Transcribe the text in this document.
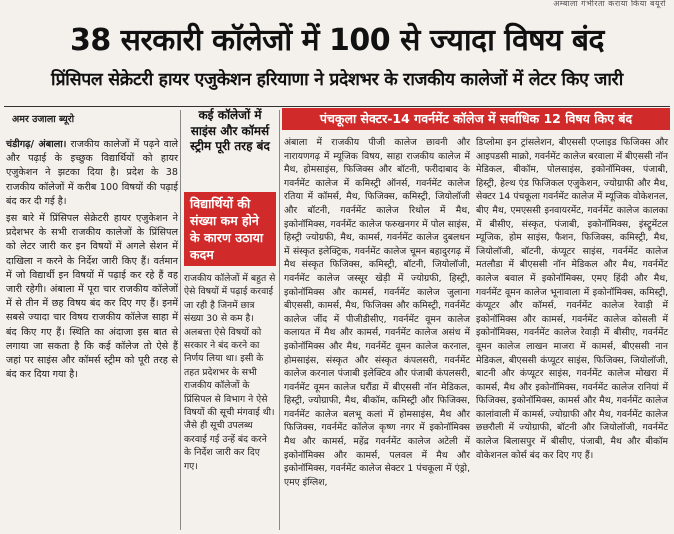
अम्बाला गंभीरता कराया किया बयूरो
38 सरकारी कॉलेजों में 100 से ज्यादा विषय बंद
प्रिंसिपल सेक्रेटरी हायर एजुकेशन हरियाणा ने प्रदेशभर के राजकीय कालेजों में लेटर किए जारी
अमर उजाला ब्यूरो

चंडीगढ़/ अंबाला। राजकीय कालेजों में पढ़ने वाले और पढ़ाई के इच्छुक विद्यार्थियों को हायर एजुकेशन ने झटका दिया है। प्रदेश के 38 राजकीय कॉलेजों में करीब 100 विषयों की पढ़ाई बंद कर दी गई है।

इस बारे में प्रिंसिपल सेक्रेटरी हायर एजुकेशन ने प्रदेशभर के सभी राजकीय कालेजों के प्रिंसिपल को लेटर जारी कर इन विषयों में अगले सेशन में दाखिला न करने के निर्देश जारी किए हैं। वर्तमान में जो विद्यार्थी इन विषयों में पढ़ाई कर रहे हैं वह जारी रहेगी। अंबाला में पूरा चार राजकीय कॉलेजों में से तीन में छह विषय बंद कर दिए गए हैं। इनमें सबसे ज्यादा चार विषय राजकीय कॉलेज साहा में बंद किए गए हैं। स्थिति का अंदाजा इस बात से लगाया जा सकता है कि कई कॉलेज तो ऐसे हैं जहां पर साइंस और कॉमर्स स्ट्रीम को पूरी तरह से बंद कर दिया गया है।

कई कॉलेजों में साइंस और कॉमर्स स्ट्रीम पूरी तरह बंद
विद्यार्थियों की संख्या कम होने के कारण उठाया कदम
राजकीय कॉलेजों में बहुत से ऐसे विषयों में पढ़ाई करवाई जा रही है जिनमें छात्र संख्या 30 से कम है। अलबत्ता ऐसे विषयों को सरकार ने बंद करने का निर्णय लिया था। इसी के तहत प्रदेशभर के सभी राजकीय कॉलेजों के प्रिंसिपल से विभाग ने ऐसे विषयों की सूची मंगवाई थी। जैसे ही सूची उपलब्ध करवाई गई उन्हें बंद करने के निर्देश जारी कर दिए गए।
पंचकूला सेक्टर-14 गवर्नमेंट कॉलेज में सर्वाधिक 12 विषय किए बंद
अंबाला में राजकीय पीजी कालेज छावनी और नारायणगढ़ में म्यूजिक विषय, साहा राजकीय कालेज में मैथ, होमसाइंस, फिजिक्स और बॉटनी, फरीदाबाद के गवर्नमेंट कालेज में कमिस्ट्री ऑनर्स, गवर्नमेंट कालेज रतिया में कॉमर्स, मैथ, फिजिक्स, कमिस्ट्री, जियोलॉजी और बॉटनी, गवर्नमेंट कालेज रिथोल में मैथ, इकोनॉमिक्स, गवर्नमेंट कालेज फरुखनगर में पोल साइंस, हिस्ट्री ज्योग्रफी, मैथ, कामर्स, गवर्नमेंट कालेज दुबलधन में संस्कृत इलेक्ट्रिक, गवर्नमेंट कालेज चूमन बहादुरगढ़ में मैथ संस्कृत फिजिक्स, कमिस्ट्री, बॉटनी, जियोलॉजी, गवर्नमेंट कालेज जस्सूर खेड़ी में ज्योग्रफी, हिस्ट्री, इकोनॉमिक्स और कामर्स, गवर्नमेंट कालेज जुलाना बीएससी, कामर्स, मैथ, फिजिक्स और कमिस्ट्री, गवर्नमेंट कालेज जींद में पीजीडीसीए, गवर्नमेंट वूमन कालेज कलायत में मैथ और कामर्स, गवर्नमेंट कालेज असंध में इकोनॉमिक्स और मैथ, गवर्नमेंट वूमन कालेज करनाल, होमसाइंस, संस्कृत और संस्कृत कंपलसरी, गवर्नमेंट कालेज करनाल पंजाबी इलेक्टिव और पंजाबी कंपलसरी, गवर्नमेंट वूमन कालेज घरौंडा में बीएससी नॉन मेडिकल, हिस्ट्री, ज्योग्राफी, मैथ, बीकॉम, कमिस्ट्री और फिजिक्स, गवर्नमेंट कालेज बलभू कलां में होमसाइंस, मैथ और फिजिक्स, गवर्नमेंट कॉलेज कृष्ण नगर में इकोनॉमिक्स मैथ और कामर्स, महेंद्र गवर्नमेंट कालेज अटेली में इकोनॉमिक्स और कामर्स, पलवल में मैथ और इकोनॉमिक्स, गवर्नमेंट कालेज सेक्टर 1 पंचकूला में एंड्रो, एमए इंग्लिश,
डिप्लोमा इन ट्रांसलेशन, बीएससी एप्लाइड फिजिक्स और आइपडसी माक्रो, गवर्नमेंट कालेज बरवाला में बीएससी नॉन मेडिकल, बीकॉम, पोलसाइंस, इकोनॉमिक्स, पंजाबी, हिस्ट्री, हेल्थ एंड फिजिकल एजुकेशन, ज्योग्राफी और मैथ, सेक्टर 14 पंचकूला गवर्नमेंट कालेज में म्यूजिक वोकेशनल, बीए मैथ, एमएससी इनवायरमेंट, गवर्नमेंट कालेज कालका में बीसीए, संस्कृत, पंजाबी, इकोनॉमिक्स, इंस्ट्रूमेंटल म्यूजिक, होम साइंस, फैशन, फिजिक्स, कमिस्ट्री, मैथ, जियोलॉजी, बॉटनी, कंप्यूटर साइंस, गवर्नमेंट कालेज मतलौडा में बीएससी नॉन मेडिकल और मैथ, गवर्नमेंट कालेज बवाल में इकोनॉमिक्स, एमए हिंदी और मैथ, गवर्नमेंट वूमन कालेज भूनावाला में इकोनॉमिक्स, कमिस्ट्री, कंप्यूटर और कॉमर्स, गवर्नमेंट कालेज रेवाड़ी में इकोनॉमिक्स और कामर्स, गवर्नमेंट कालेज कोसली में इकोनॉमिक्स, गवर्नमेंट कालेज रेवाड़ी में बीसीए, गवर्नमेंट वूमन कालेज लाखन माजरा में कामर्स, बीएससी नान मेडिकल, बीएससी कंप्यूटर साइंस, फिजिक्स, जियोलॉजी, बाटनी और कंप्यूटर साइंस, गवर्नमेंट कालेज मोखरा में कामर्स, मैथ और इकोनॉमिक्स, गवर्नमेंट कालेज रानियां में फिजिक्स, इकोनॉमिक्स, कामर्स और मैथ, गवर्नमेंट कालेज कालांवाली में कामर्स, ज्योग्राफी और मैथ, गवर्नमेंट कालेज छछरौली में ज्योग्राफी, बॉटनी और जियोलॉजी, गवर्नमेंट कालेज बिलासपुर में बीसीए, पंजाबी, मैथ और बीकॉम वोकेशनल कोर्स बंद कर दिए गए हैं।
